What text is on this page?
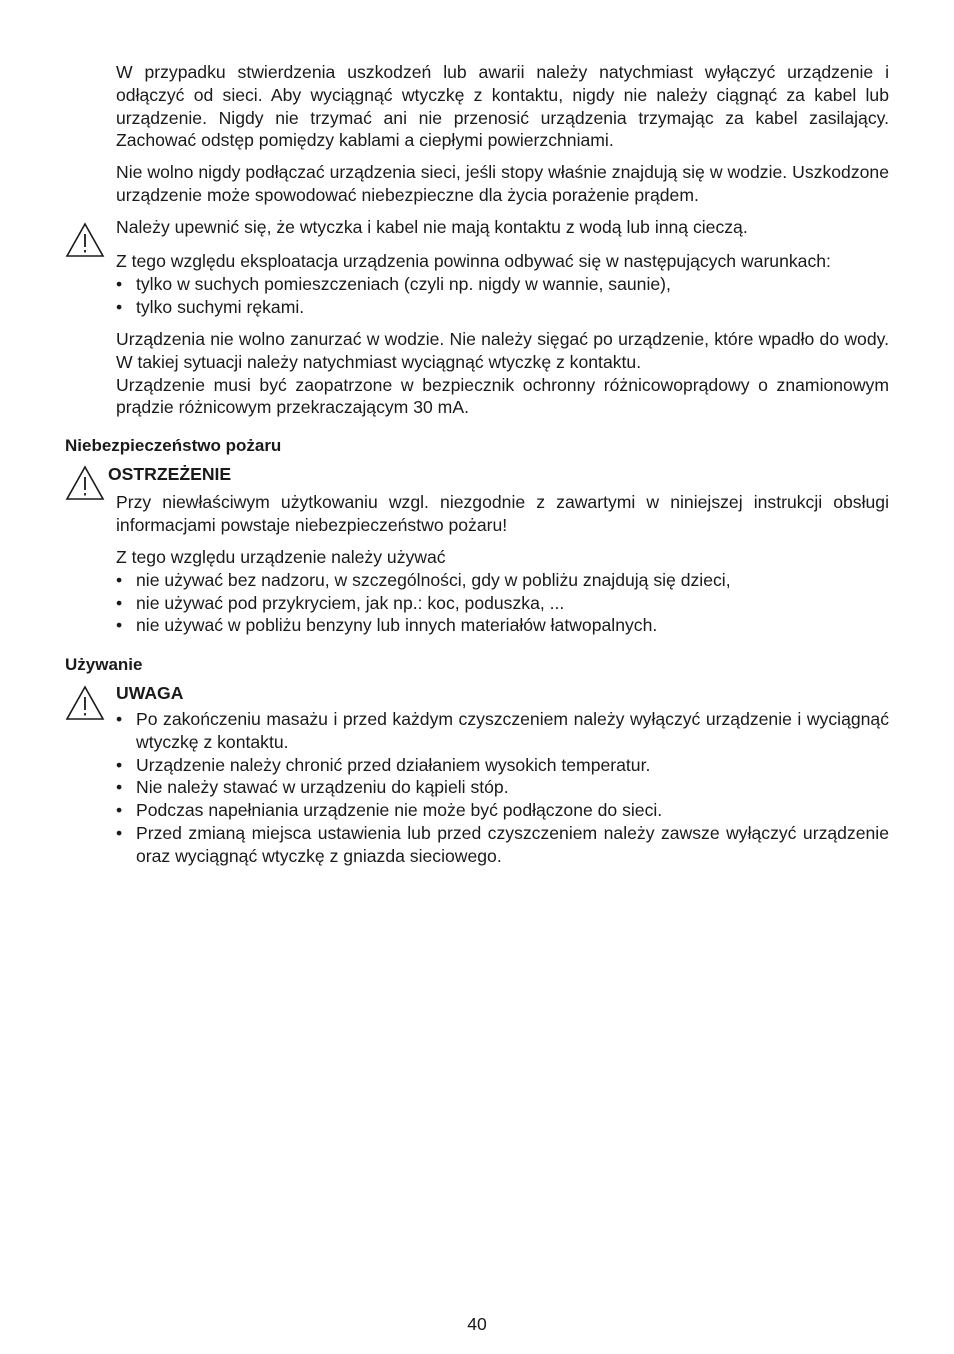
W przypadku stwierdzenia uszkodzeń lub awarii należy natychmiast wyłączyć urządzenie i odłączyć od sieci. Aby wyciągnąć wtyczkę z kontaktu, nigdy nie należy ciągnąć za kabel lub urządzenie. Nigdy nie trzymać ani nie przenosić urządzenia trzymając za kabel zasilający. Zachować odstęp pomiędzy kablami a ciepłymi powierzchniami.

Nie wolno nigdy podłączać urządzenia sieci, jeśli stopy właśnie znajdują się w wodzie. Uszkodzone urządzenie może spowodować niebezpieczne dla życia porażenie prądem.

Należy upewnić się, że wtyczka i kabel nie mają kontaktu z wodą lub inną cieczą.

Z tego względu eksploatacja urządzenia powinna odbywać się w następujących warunkach:

• tylko w suchych pomieszczeniach (czyli np. nigdy w wannie, saunie),
• tylko suchymi rękami.

Urządzenia nie wolno zanurzać w wodzie. Nie należy sięgać po urządzenie, które wpadło do wody. W takiej sytuacji należy natychmiast wyciągnąć wtyczkę z kontaktu.

Urządzenie musi być zaopatrzone w bezpiecznik ochronny różnicowoprądowy o znamionowym prądzie różnicowym przekraczającym 30 mA.

Niebezpieczeństwo pożaru
OSTRZEŻENIE

Przy niewłaściwym użytkowaniu wzgl. niezgodnie z zawartymi w niniejszej instrukcji obsługi informacjami powstaje niebezpieczeństwo pożaru!

Z tego względu urządzenie należy używać

• nie używać bez nadzoru, w szczególności, gdy w pobliżu znajdują się dzieci,
• nie używać pod przykryciem, jak np.: koc, poduszka, ...
• nie używać w pobliżu benzyny lub innych materiałów łatwopalnych.
Używanie
UWAGA
• Po zakończeniu masażu i przed każdym czyszczeniem należy wyłączyć urządzenie i wyciągnąć wtyczkę z kontaktu.
• Urządzenie należy chronić przed działaniem wysokich temperatur.
• Nie należy stawać w urządzeniu do kąpieli stóp.
• Podczas napełniania urządzenie nie może być podłączone do sieci.
• Przed zmianą miejsca ustawienia lub przed czyszczeniem należy zawsze wyłączyć urządzenie oraz wyciągnąć wtyczkę z gniazda sieciowego.
40
